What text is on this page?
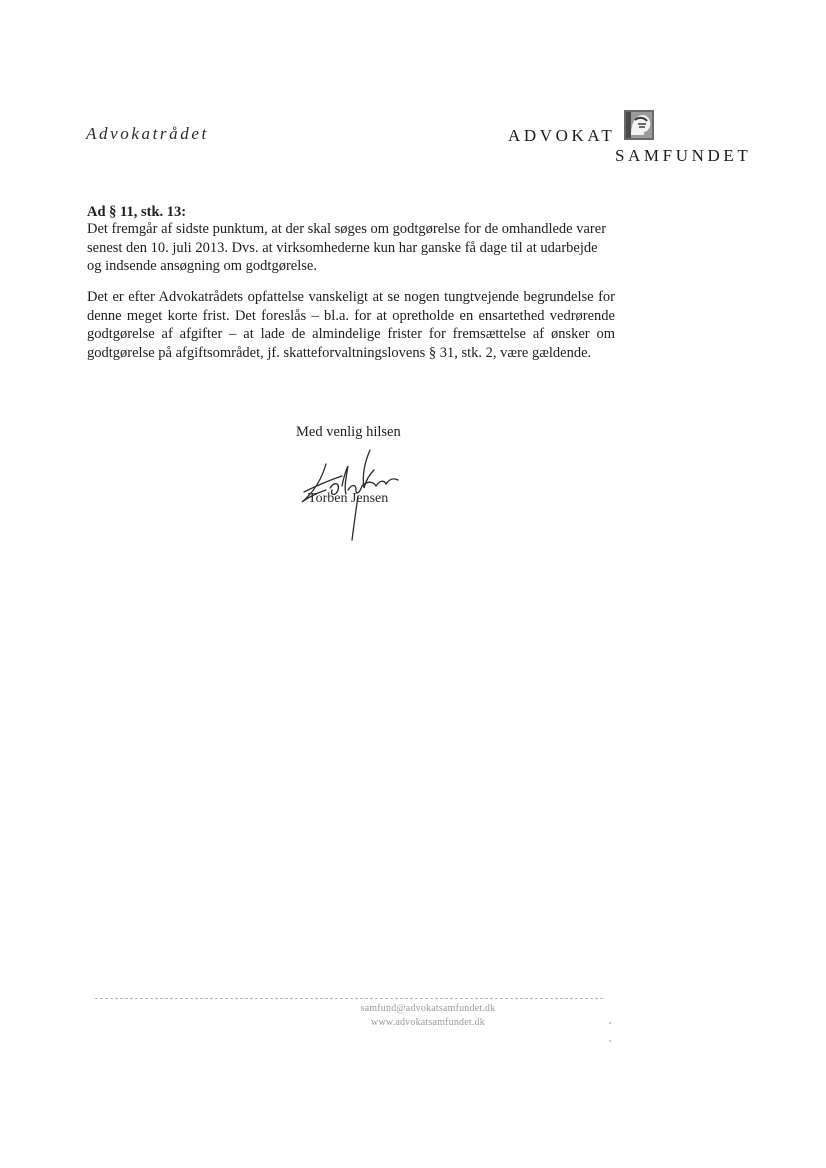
Advokatrådet	ADVOKAT
SAMFUNDET
Ad § 11, stk. 13:
Det fremgår af sidste punktum, at der skal søges om godtgørelse for de omhandlede varer senest den 10. juli 2013. Dvs. at virksomhederne kun har ganske få dage til at udarbejde og indsende ansøgning om godtgørelse.
Det er efter Advokatrådets opfattelse vanskeligt at se nogen tungtvejende begrundelse for denne meget korte frist. Det foreslås – bl.a. for at opretholde en ensartethed vedrørende godtgørelse af afgifter – at lade de almindelige frister for fremsættelse af ønsker om godtgørelse på afgiftsområdet, jf. skatteforvaltningslovens § 31, stk. 2, være gældende.
Med venlig hilsen
Torben Jensen
samfund@advokatsamfundet.dk
www.advokatsamfundet.dk
